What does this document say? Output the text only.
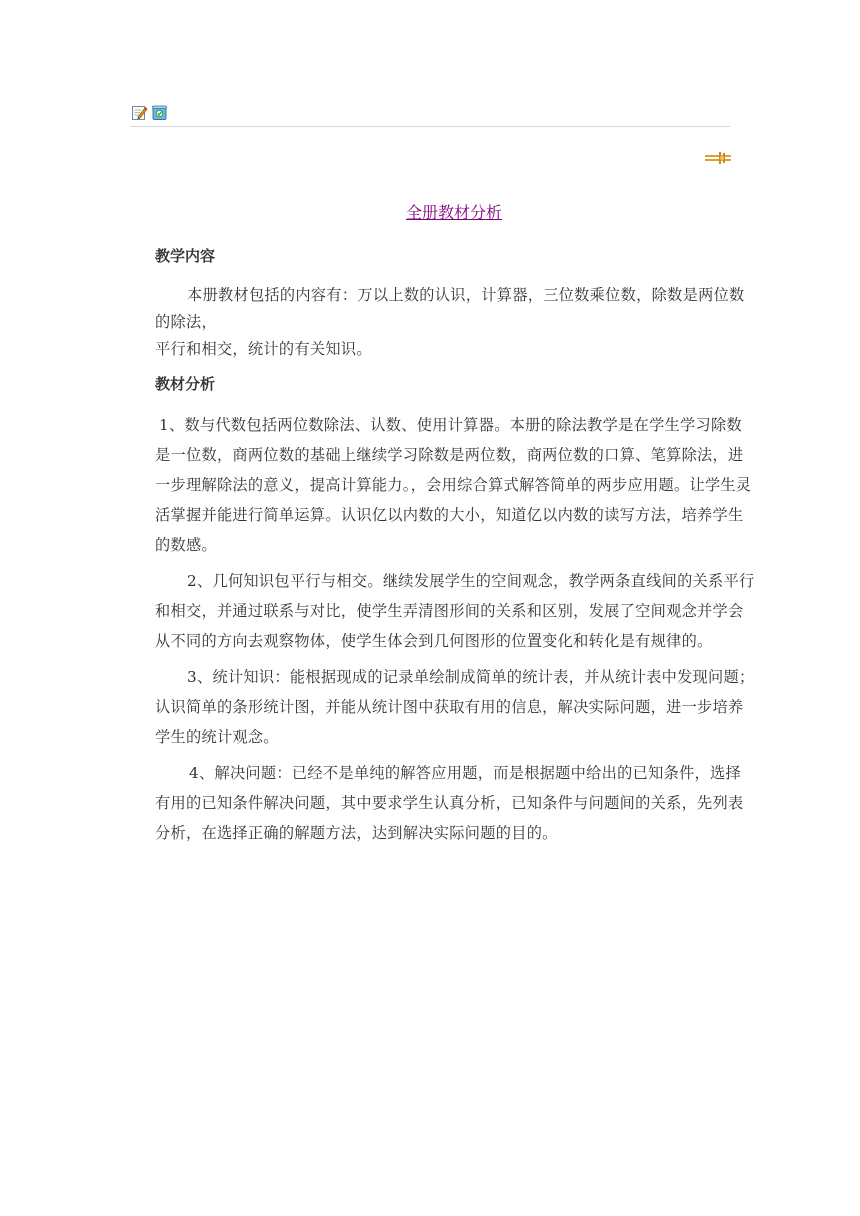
全册教材分析
教学内容

本册教材包括的内容有：万以上数的认识，计算器，三位数乘位数，除数是两位数的除法，

平行和相交，统计的有关知识。

教材分析

1、数与代数包括两位数除法、认数、使用计算器。本册的除法教学是在学生学习除数是一位数，商两位数的基础上继续学习除数是两位数，商两位数的口算、笔算除法，进一步理解除法的意义，提高计算能力。，会用综合算式解答简单的两步应用题。让学生灵活掌握并能进行简单运算。认识亿以内数的大小，知道亿以内数的读写方法，培养学生的数感。

2、几何知识包平行与相交。继续发展学生的空间观念，教学两条直线间的关系平行和相交，并通过联系与对比，使学生弄清图形间的关系和区别，发展了空间观念并学会从不同的方向去观察物体，使学生体会到几何图形的位置变化和转化是有规律的。

3、统计知识：能根据现成的记录单绘制成简单的统计表，并从统计表中发现问题；认识简单的条形统计图，并能从统计图中获取有用的信息，解决实际问题，进一步培养学生的统计观念。

4、解决问题：已经不是单纯的解答应用题，而是根据题中给出的已知条件，选择有用的已知条件解决问题，其中要求学生认真分析，已知条件与问题间的关系，先列表分析，在选择正确的解题方法，达到解决实际问题的目的。
